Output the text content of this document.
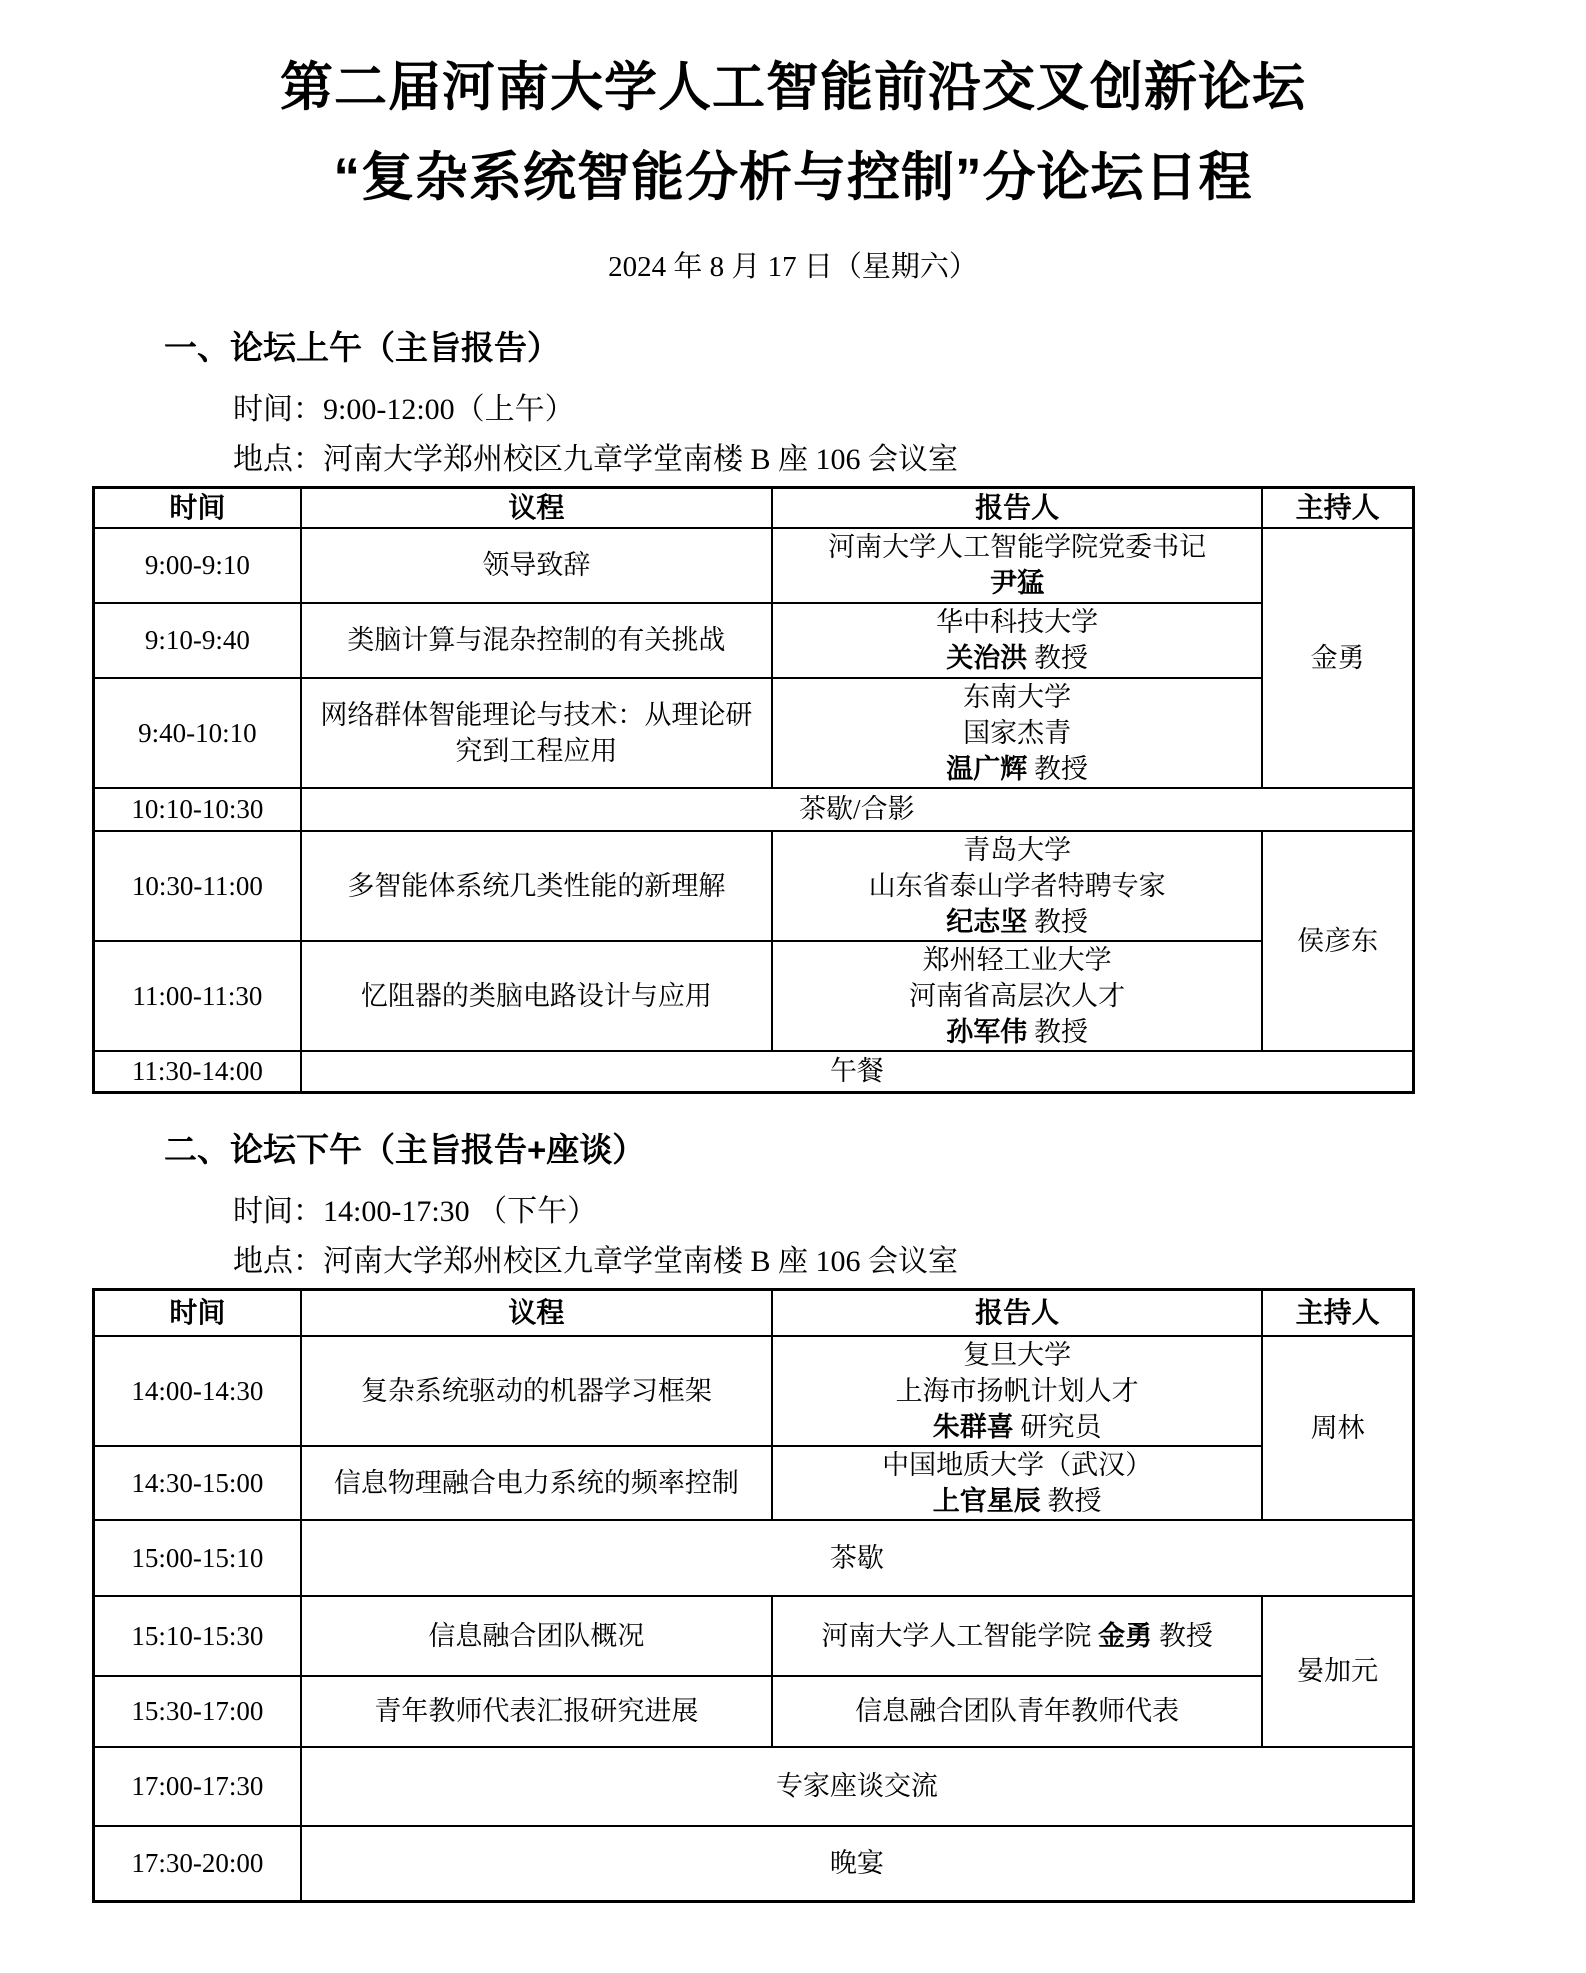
第二届河南大学人工智能前沿交叉创新论坛
“复杂系统智能分析与控制”分论坛日程
2024 年 8 月 17 日（星期六）
一、论坛上午（主旨报告）
时间：9:00-12:00（上午）
地点：河南大学郑州校区九章学堂南楼 B 座 106 会议室
时间	议程	报告人	主持人
9:00-9:10	领导致辞	河南大学人工智能学院党委书记
尹猛	金勇
9:10-9:40	类脑计算与混杂控制的有关挑战	华中科技大学
关治洪 教授	

9:40-10:10	网络群体智能理论与技术：从理论研究到工程应用	东南大学
国家杰青
温广辉 教授	

10:10-10:30	茶歇/合影		
10:30-11:00	多智能体系统几类性能的新理解	青岛大学
山东省泰山学者特聘专家
纪志坚 教授	侯彦东
11:00-11:30	忆阻器的类脑电路设计与应用	郑州轻工业大学
河南省高层次人才
孙军伟 教授	

11:30-14:00	午餐		
二、论坛下午（主旨报告+座谈）
时间：14:00-17:30 （下午）
地点：河南大学郑州校区九章学堂南楼 B 座 106 会议室
时间	议程	报告人	主持人
14:00-14:30	复杂系统驱动的机器学习框架	复旦大学
上海市扬帆计划人才
朱群喜 研究员	周林
14:30-15:00	信息物理融合电力系统的频率控制	中国地质大学（武汉）
上官星辰 教授	

15:00-15:10	茶歇		
15:10-15:30	信息融合团队概况	河南大学人工智能学院 金勇 教授	晏加元
15:30-17:00	青年教师代表汇报研究进展	信息融合团队青年教师代表	

17:00-17:30	专家座谈交流		
17:30-20:00	晚宴		
